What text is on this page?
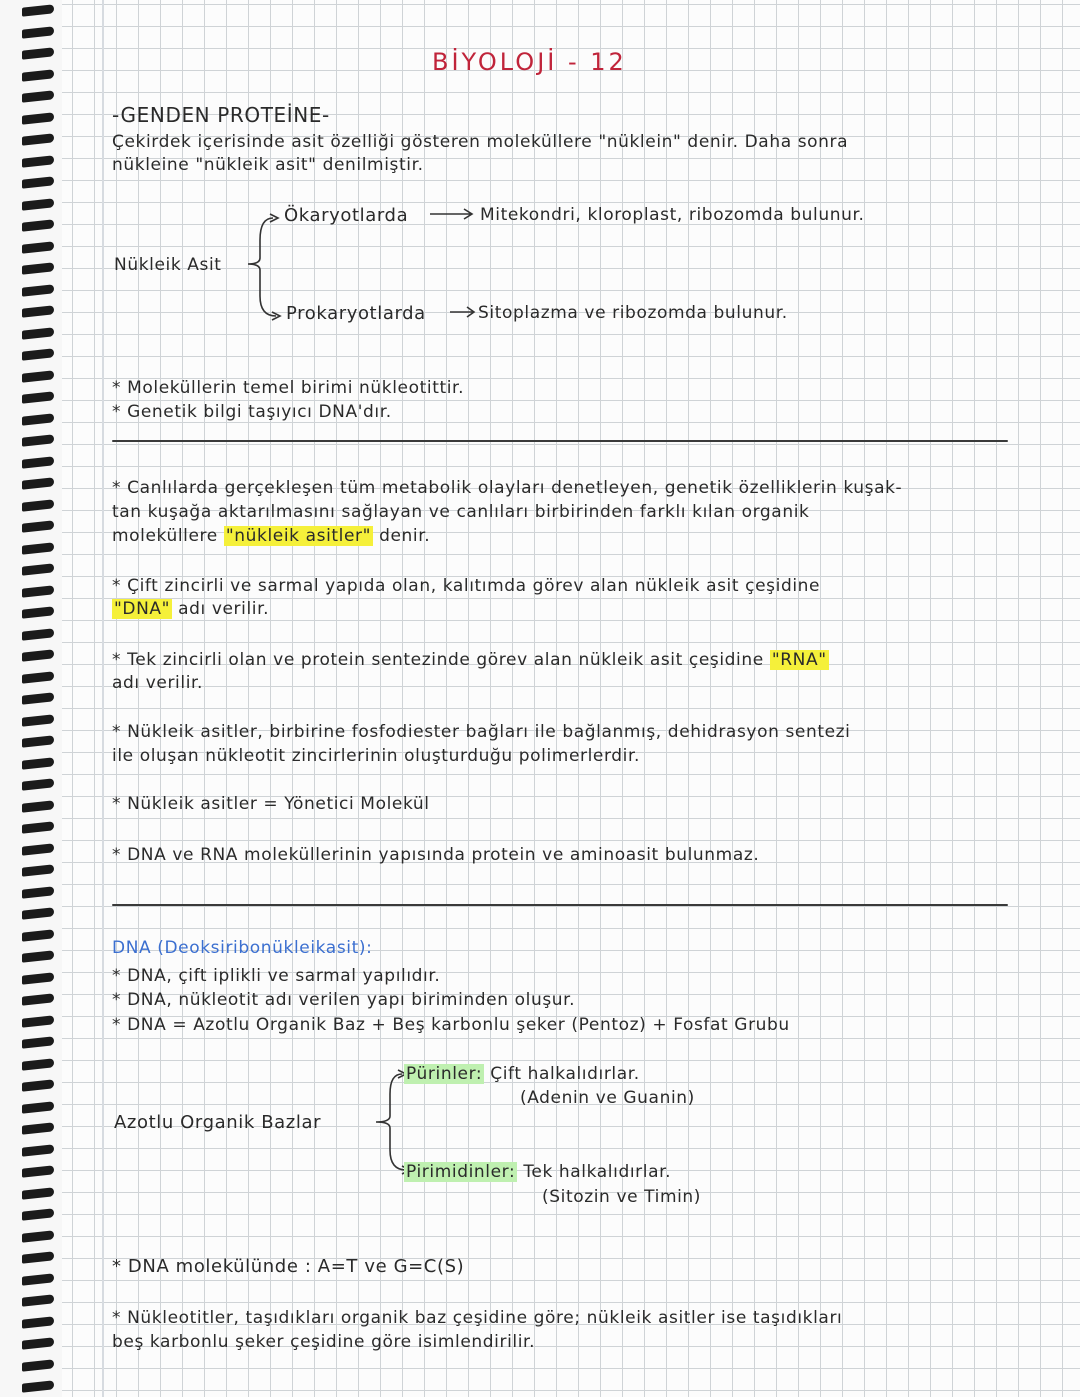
BİYOLOJİ - 12
-GENDEN PROTEİNE-
Çekirdek içerisinde asit özelliği gösteren moleküllere "nüklein" denir. Daha sonra
nükleine "nükleik asit" denilmiştir.
Nükleik Asit
Ökaryotlarda	Mitekondri, kloroplast, ribozomda bulunur.
Prokaryotlarda	Sitoplazma ve ribozomda bulunur.
* Moleküllerin temel birimi nükleotittir.
* Genetik bilgi taşıyıcı DNA'dır.
* Canlılarda gerçekleşen tüm metabolik olayları denetleyen, genetik özelliklerin kuşak-
tan kuşağa aktarılmasını sağlayan ve canlıları birbirinden farklı kılan organik
moleküllere "nükleik asitler" denir.
* Çift zincirli ve sarmal yapıda olan, kalıtımda görev alan nükleik asit çeşidine
"DNA" adı verilir.
* Tek zincirli olan ve protein sentezinde görev alan nükleik asit çeşidine "RNA"
adı verilir.
* Nükleik asitler, birbirine fosfodiester bağları ile bağlanmış, dehidrasyon sentezi
ile oluşan nükleotit zincirlerinin oluşturduğu polimerlerdir.
* Nükleik asitler = Yönetici Molekül
* DNA ve RNA moleküllerinin yapısında protein ve aminoasit bulunmaz.
DNA (Deoksiribonükleikasit):
* DNA, çift iplikli ve sarmal yapılıdır.
* DNA, nükleotit adı verilen yapı biriminden oluşur.
* DNA = Azotlu Organik Baz + Beş karbonlu şeker (Pentoz) + Fosfat Grubu
Azotlu Organik Bazlar
Pürinler: Çift halkalıdırlar.
(Adenin ve Guanin)
Pirimidinler: Tek halkalıdırlar.
(Sitozin ve Timin)
* DNA molekülünde : A=T ve G=C(S)
* Nükleotitler, taşıdıkları organik baz çeşidine göre; nükleik asitler ise taşıdıkları
beş karbonlu şeker çeşidine göre isimlendirilir.
